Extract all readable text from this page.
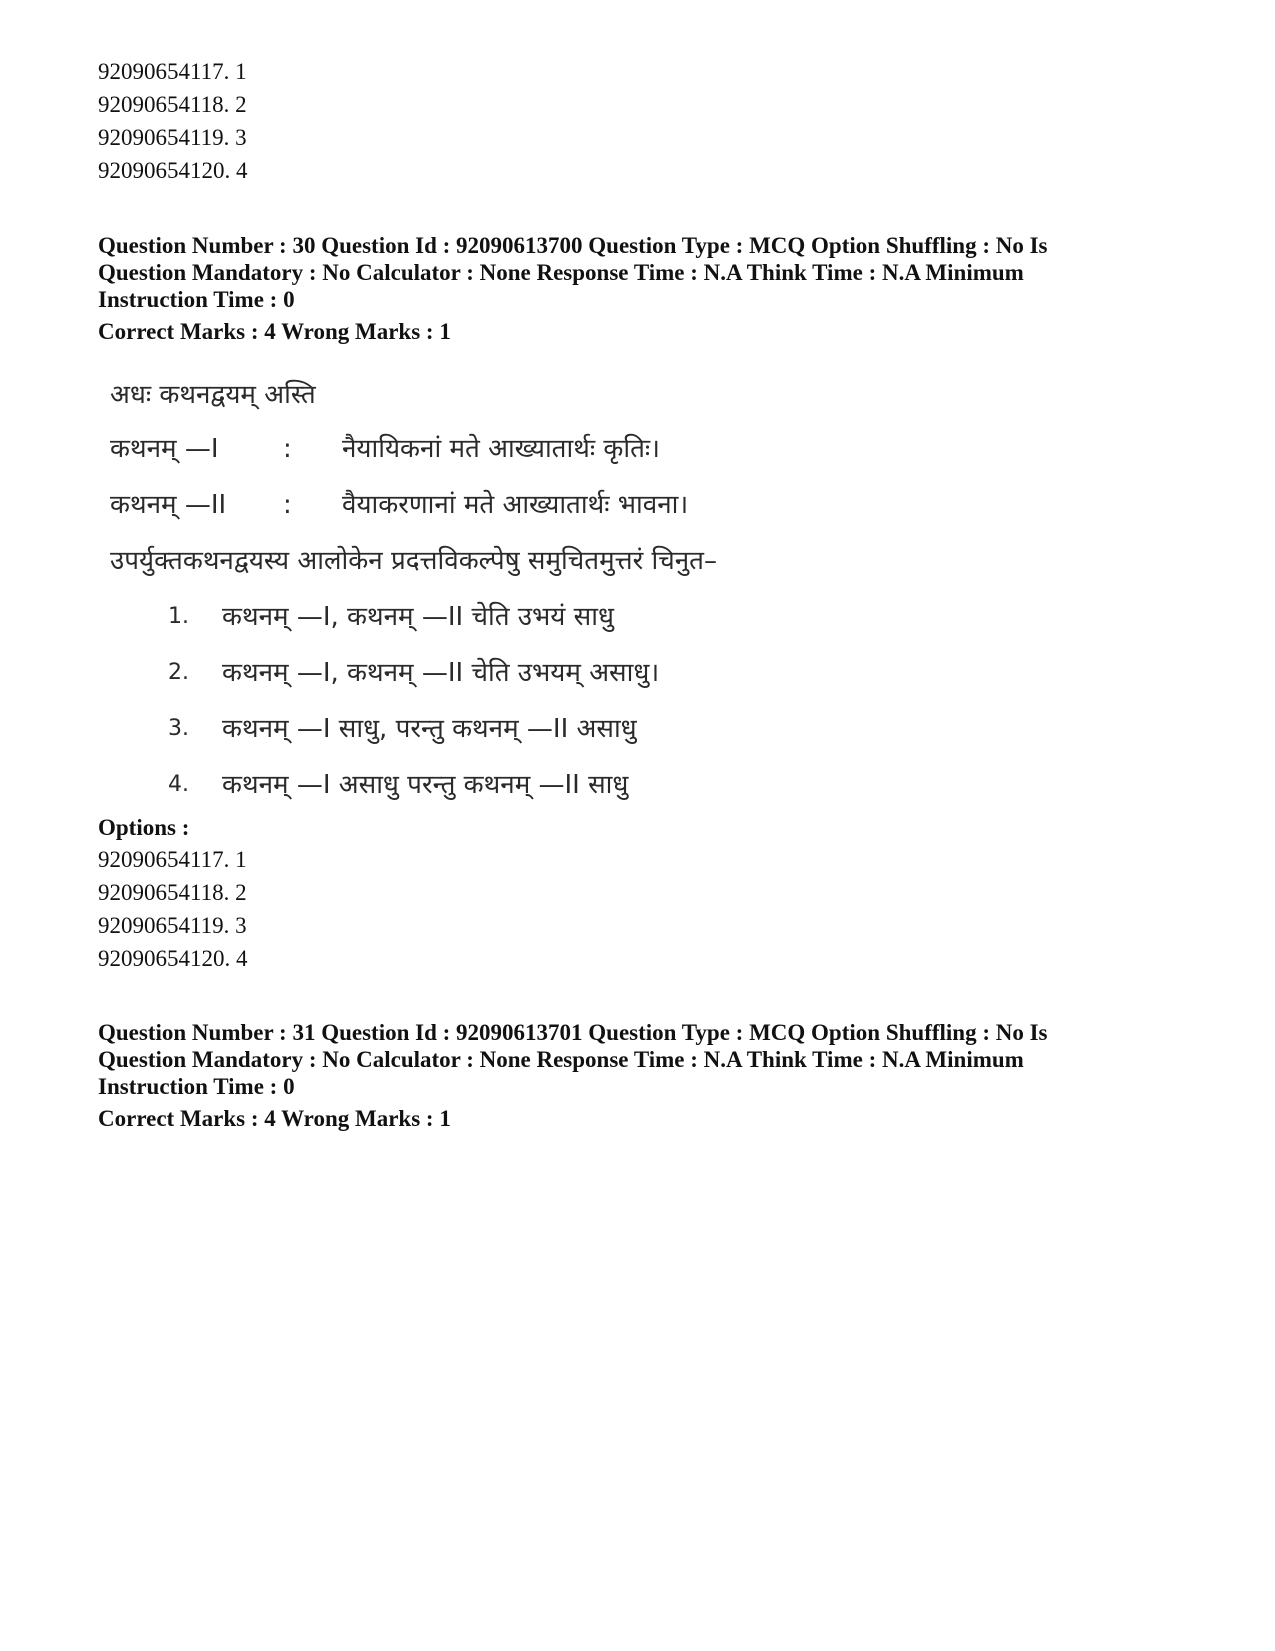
92090654117. 1
92090654118. 2
92090654119. 3
92090654120. 4
Question Number : 30 Question Id : 92090613700 Question Type : MCQ Option Shuffling : No Is
Question Mandatory : No Calculator : None Response Time : N.A Think Time : N.A Minimum
Instruction Time : 0
Correct Marks : 4 Wrong Marks : 1
अधः कथनद्वयम् अस्ति
कथनम् —I : नैयायिकनां मते आख्यातार्थः कृतिः।
कथनम् —II : वैयाकरणानां मते आख्यातार्थः भावना।
उपर्युक्तकथनद्वयस्य आलोकेन प्रदत्तविकल्पेषु समुचितमुत्तरं चिनुत–
1. कथनम् —I, कथनम् —II चेति उभयं साधु
2. कथनम् —I, कथनम् —II चेति उभयम् असाधु।
3. कथनम् —I साधु, परन्तु कथनम् —II असाधु
4. कथनम् —I असाधु परन्तु कथनम् —II साधु
Options :
92090654117. 1
92090654118. 2
92090654119. 3
92090654120. 4
Question Number : 31 Question Id : 92090613701 Question Type : MCQ Option Shuffling : No Is
Question Mandatory : No Calculator : None Response Time : N.A Think Time : N.A Minimum
Instruction Time : 0
Correct Marks : 4 Wrong Marks : 1
